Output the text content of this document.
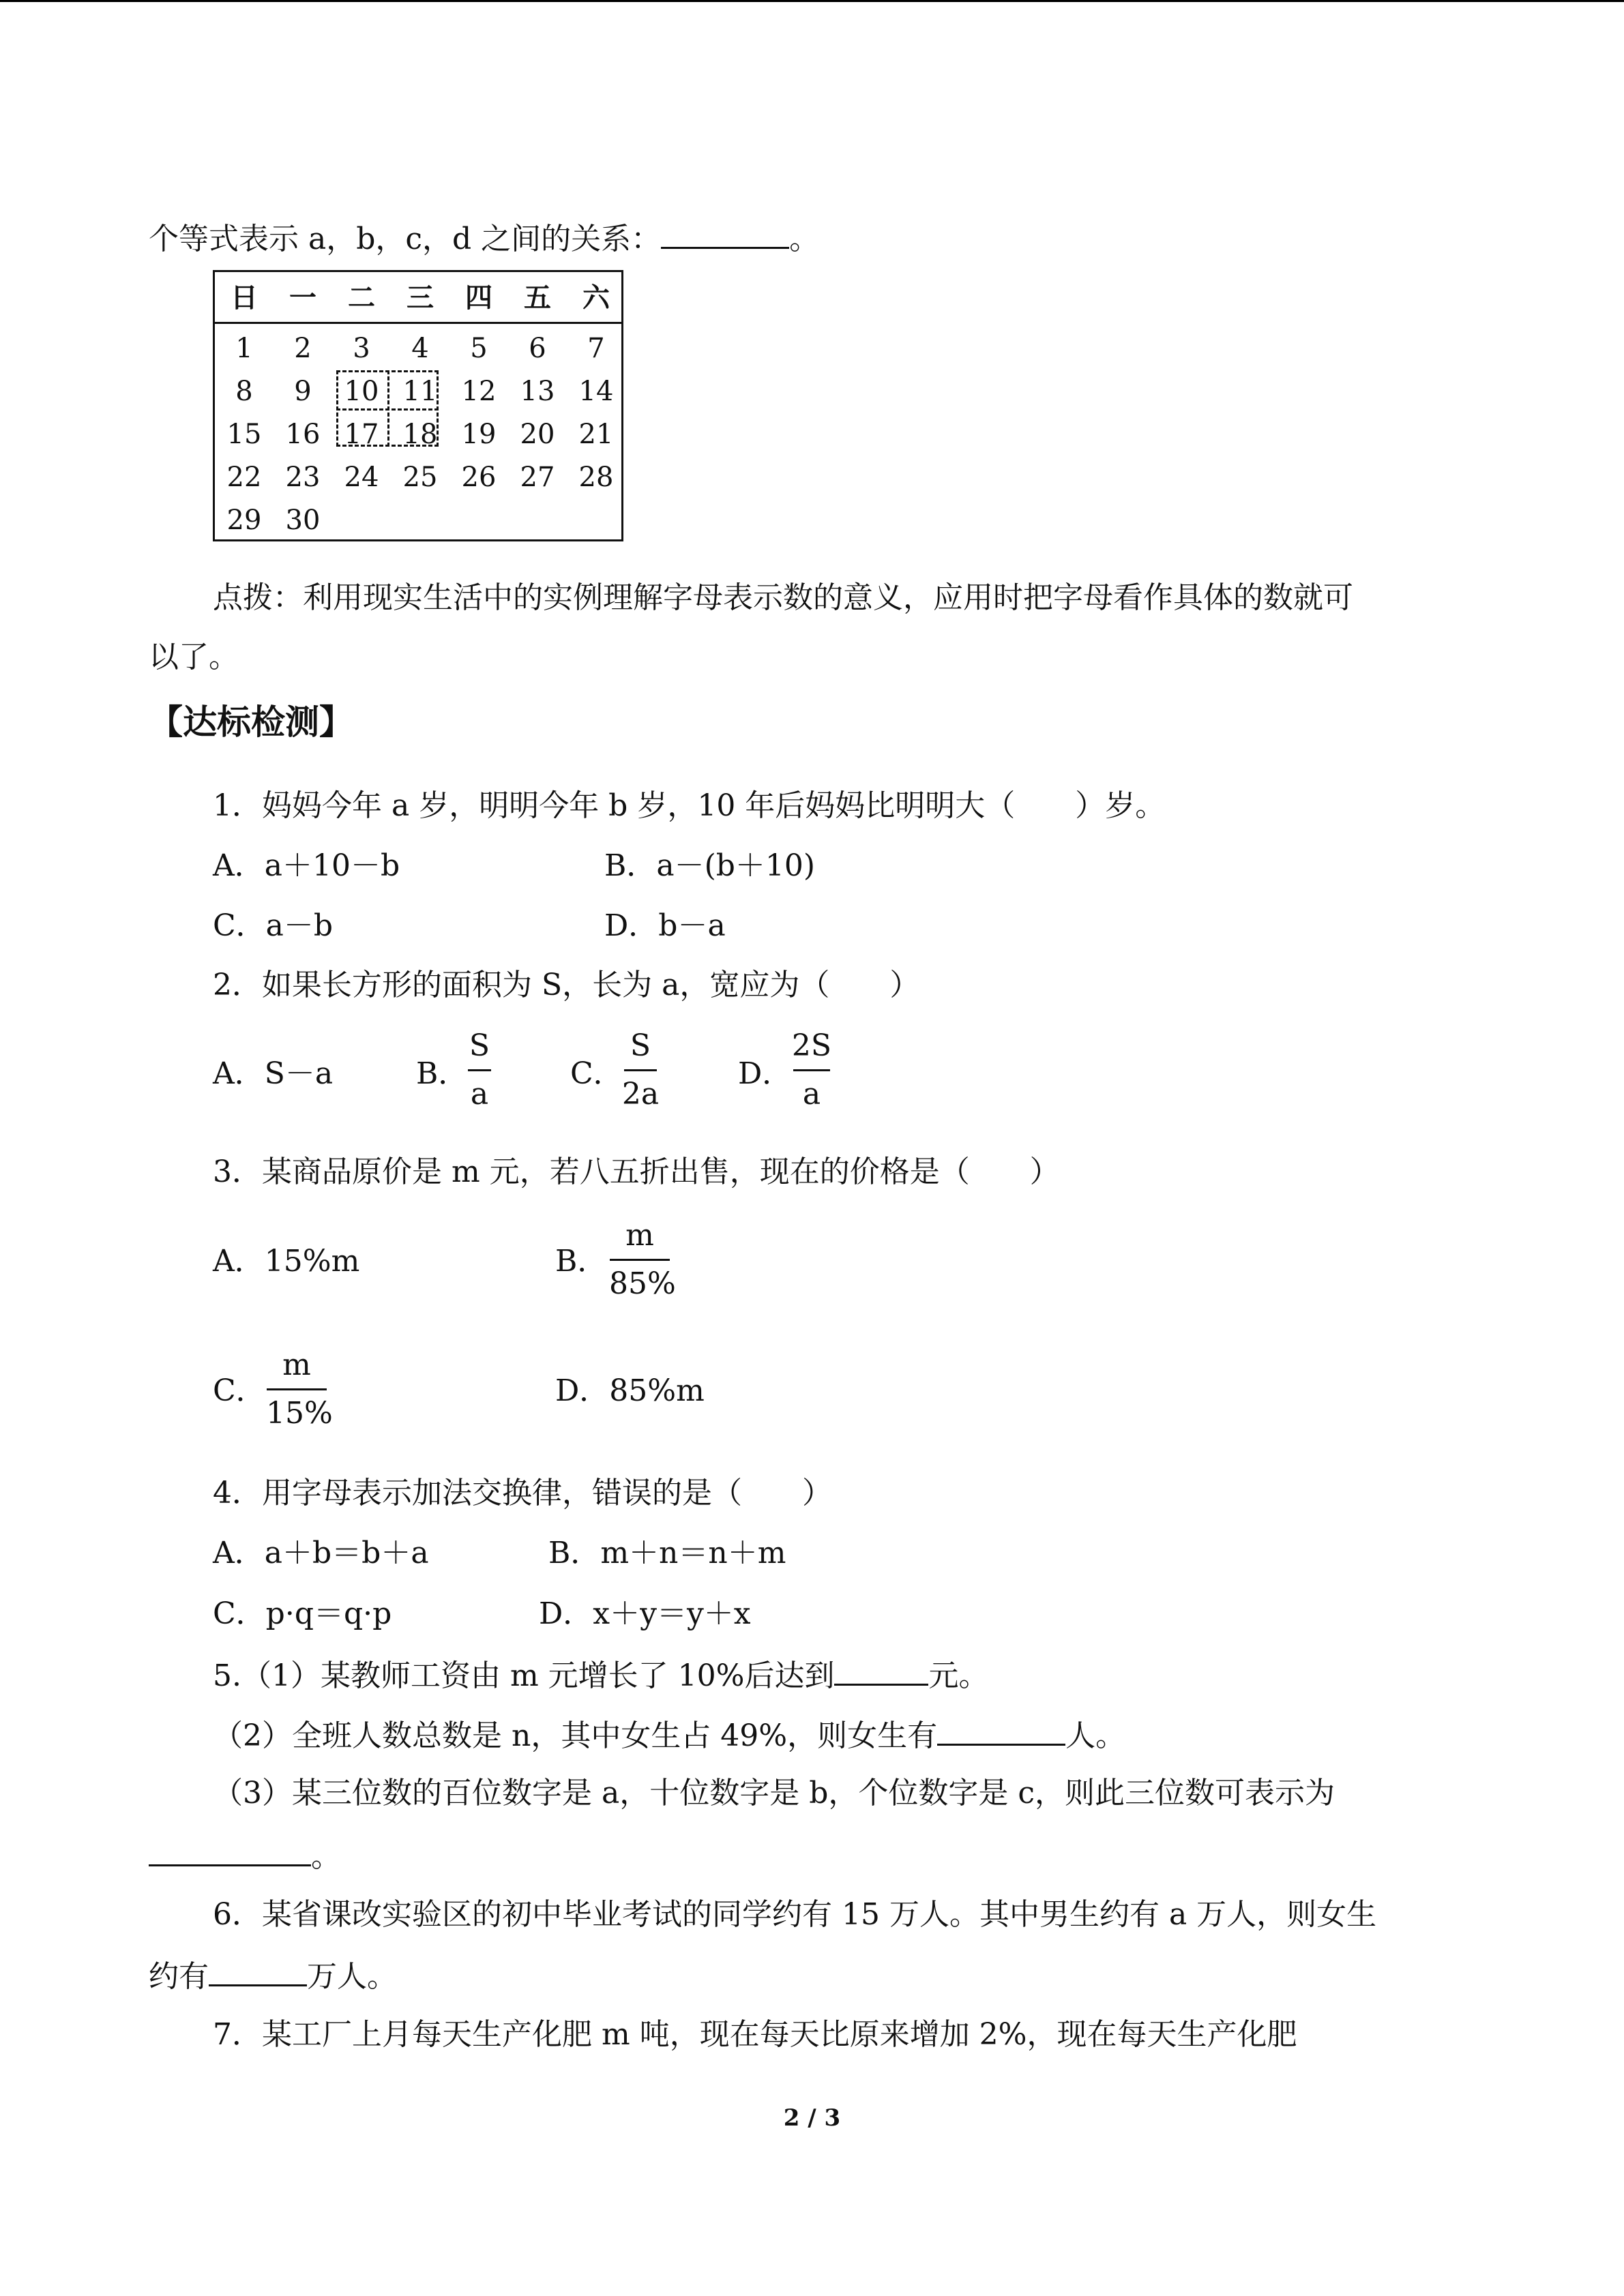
个等式表示 a，b，c，d 之间的关系：	。
日	一	二	三	四	五	六
1	2	3	4	5	6	7
8	9	10 11 12 13 14
15 16 17 18 19 20 21
22 23 24 25 26 27 28
29 30
点拨：利用现实生活中的实例理解字母表示数的意义，应用时把字母看作具体的数就可
以了。
【达标检测】
1．妈妈今年 a 岁，明明今年 b 岁，10 年后妈妈比明明大（　　）岁。
A．a＋10－b	B．a－(b＋10)
C．a－b	D．b－a
2．如果长方形的面积为 S，长为 a，宽应为（　　）
A．S－a	B．
S
a
C．
S
2a
D．
2S
a
3．某商品原价是 m 元，若八五折出售，现在的价格是（　　）
A．15%m	B．
m
85%
C．
m
15%
D．85%m
4．用字母表示加法交换律，错误的是（　　）
A．a＋b＝b＋a	B．m＋n＝n＋m
C．p·q＝q·p	D．x＋y＝y＋x
5.（1）某教师工资由 m 元增长了 10%后达到	元。
（2）全班人数总数是 n，其中女生占 49%，则女生有	人。
（3）某三位数的百位数字是 a，十位数字是 b，个位数字是 c，则此三位数可表示为
。
6．某省课改实验区的初中毕业考试的同学约有 15 万人。其中男生约有 a 万人，则女生
约有	万人。
7．某工厂上月每天生产化肥 m 吨，现在每天比原来增加 2%，现在每天生产化肥
2 / 3
